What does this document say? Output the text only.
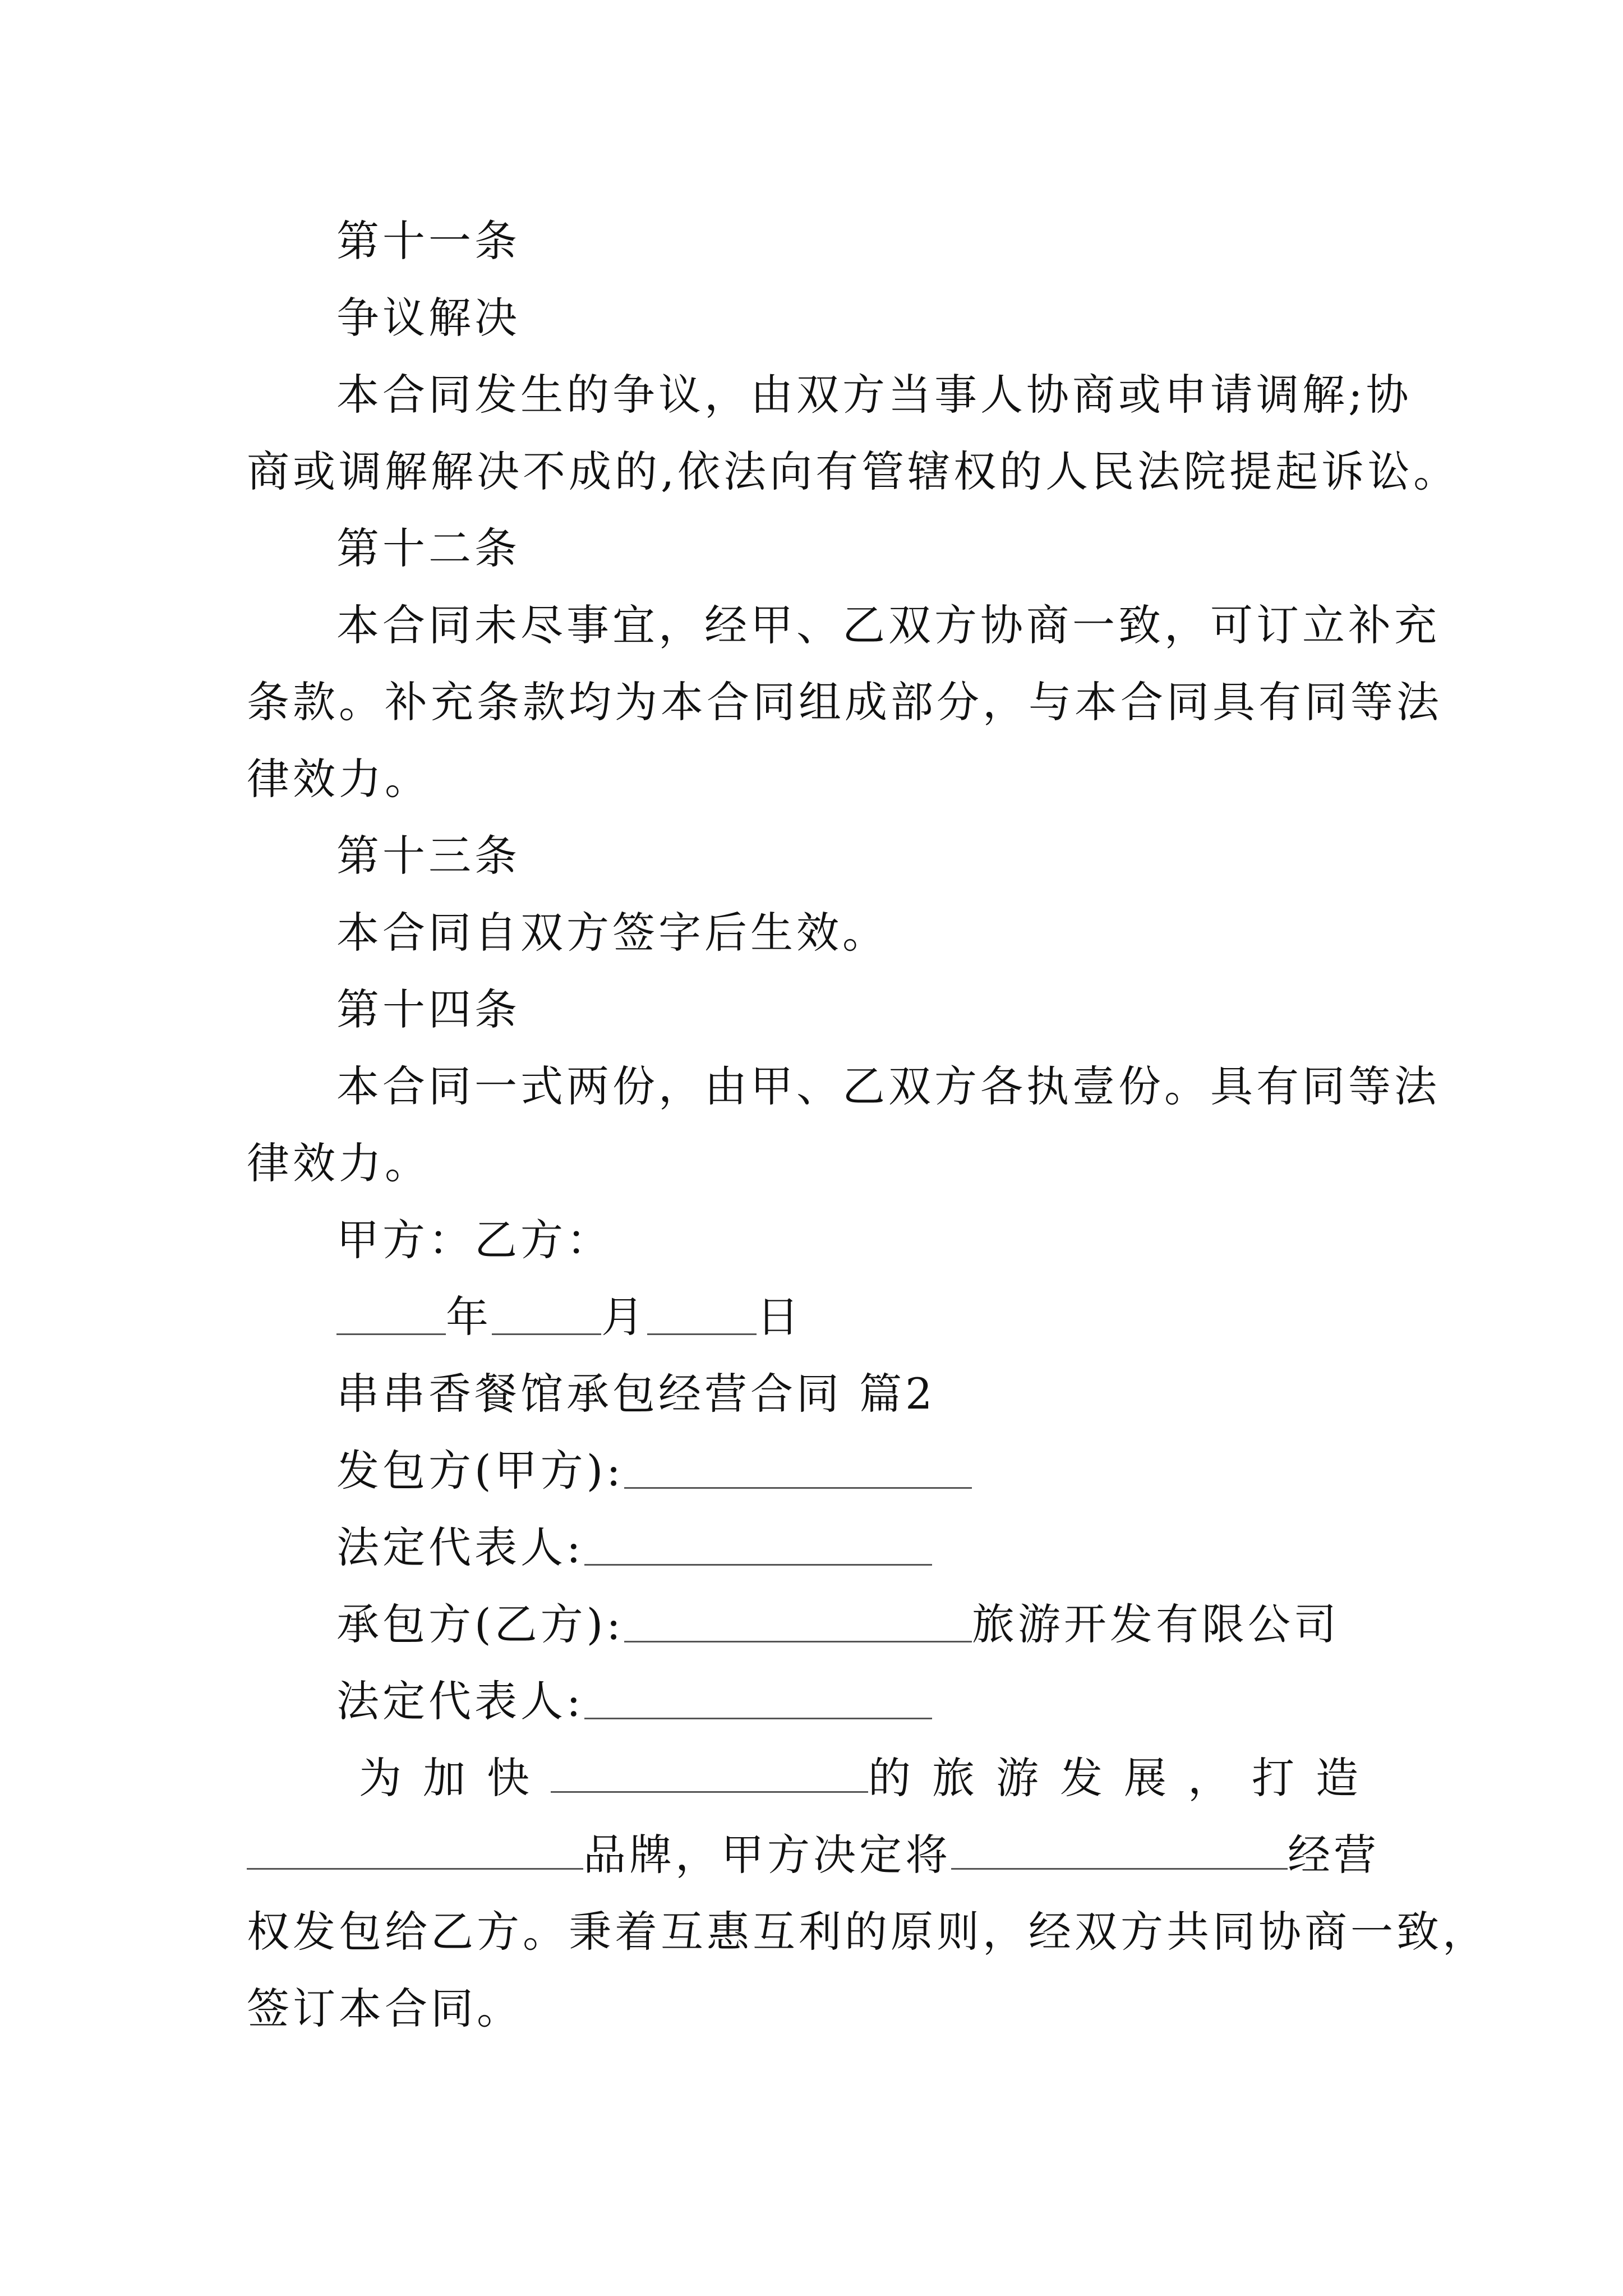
第十一条
争议解决
本合同发生的争议，由双方当事人协商或申请调解;协
商或调解解决不成的,依法向有管辖权的人民法院提起诉讼。
第十二条
本合同未尽事宜，经甲、乙双方协商一致，可订立补充
条款。补充条款均为本合同组成部分，与本合同具有同等法
律效力。
第十三条
本合同自双方签字后生效。
第十四条
本合同一式两份，由甲、乙双方各执壹份。具有同等法
律效力。
甲方：乙方：
年	月	日
串串香餐馆承包经营合同 篇2
发包方(甲方):
法定代表人:
承包方(乙方):	旅游开发有限公司
法定代表人:
为加快	的旅游发展，打造
品牌，甲方决定将	经营
权发包给乙方。秉着互惠互利的原则，经双方共同协商一致，
签订本合同。
